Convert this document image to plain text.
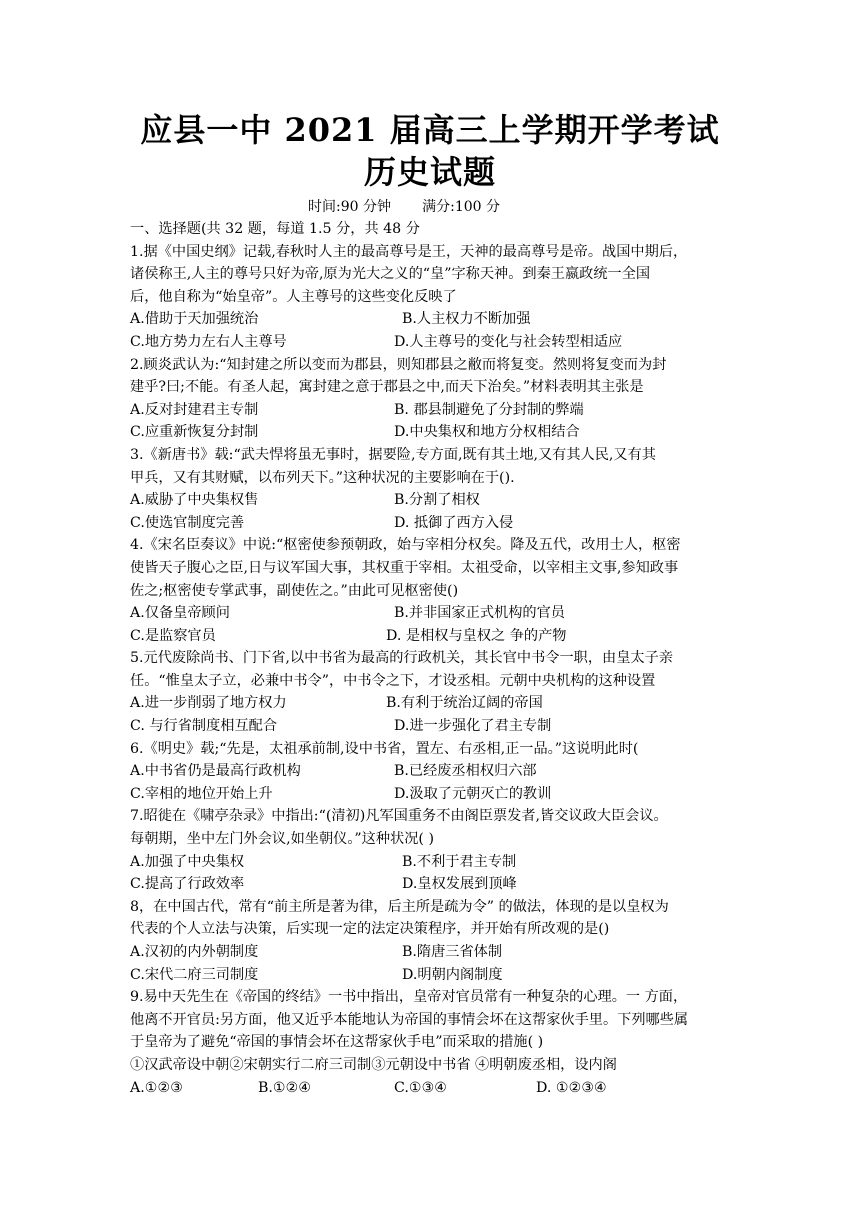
应县一中 2021 届高三上学期开学考试
历史试题
时间:90 分钟       满分:100 分
一、选择题(共 32 题，每道 1.5 分，共 48 分
1.据《中国史纲》记载,春秋时人主的最高尊号是王，天神的最高尊号是帝。战国中期后，
诸侯称王,人主的尊号只好为帝,原为光大之义的“皇”字称天神。到秦王嬴政统一全国
后，他自称为“始皇帝”。人主尊号的这些变化反映了
A.借助于天加强统治	B.人主权力不断加强
C.地方势力左右人主尊号	D.人主尊号的变化与社会转型相适应
2.顾炎武认为:“知封建之所以变而为郡县，则知郡县之敝而将复变。然则将复变而为封
建乎?曰;不能。有圣人起，寓封建之意于郡县之中,而天下治矣。”材料表明其主张是
A.反对封建君主专制	B. 郡县制避免了分封制的弊端
C.应重新恢复分封制	D.中央集权和地方分权相结合
3.《新唐书》载:“武夫悍将虽无事时，据要险,专方面,既有其土地,又有其人民,又有其
甲兵，又有其财赋，以布列天下。”这种状况的主要影响在于().
A.威胁了中央集权售	B.分割了相权
C.使选官制度完善	D. 抵御了西方入侵
4.《宋名臣奏议》中说:“枢密使参预朝政，始与宰相分权矣。降及五代，改用士人，枢密
使皆天子腹心之臣,日与议军国大事，其权重于宰相。太祖受命，以宰相主文事,参知政事
佐之;枢密使专掌武事，副使佐之。”由此可见枢密使()
A.仅备皇帝顾问	B.并非国家正式机构的官员
C.是监察官员	D. 是相权与皇权之 争的产物
5.元代废除尚书、门下省,以中书省为最高的行政机关，其长官中书令一职，由皇太子亲
任。“惟皇太子立，必兼中书令”，中书令之下，才设丞相。元朝中央机构的这种设置
A.进一步削弱了地方权力	B.有利于统治辽阔的帝国
C. 与行省制度相互配合	D.进一步强化了君主专制
6.《明史》载;“先是，太祖承前制,设中书省，置左、右丞相,正一品。”这说明此时(
A.中书省仍是最高行政机构	B.已经废丞相权归六部
C.宰相的地位开始上升	D.汲取了元朝灭亡的教训
7.昭徙在《啸亭杂录》中指出:“(清初)凡军国重务不由阁臣票发者,皆交议政大臣会议。
每朝期，坐中左门外会议,如坐朝仪。”这种状况( )
A.加强了中央集权	B.不利于君主专制
C.提高了行政效率	D.皇权发展到顶峰
8，在中国古代，常有“前主所是著为律，后主所是疏为令” 的做法，体现的是以皇权为
代表的个人立法与决策，后实现一定的法定决策程序，并开始有所改观的是()
A.汉初的内外朝制度	B.隋唐三省体制
C.宋代二府三司制度	D.明朝内阁制度
9.易中天先生在《帝国的终结》一书中指出，皇帝对官员常有一种复杂的心理。一 方面，
他离不开官员:另方面，他又近乎本能地认为帝国的事情会坏在这帮家伙手里。下列哪些属
于皇帝为了避免“帝国的事情会坏在这帮家伙手电”而采取的措施( )
①汉武帝设中朝②宋朝实行二府三司制③元朝设中书省 ④明朝废丞相，设内阁
A.①②③	B.①②④	C.①③④	D. ①②③④
